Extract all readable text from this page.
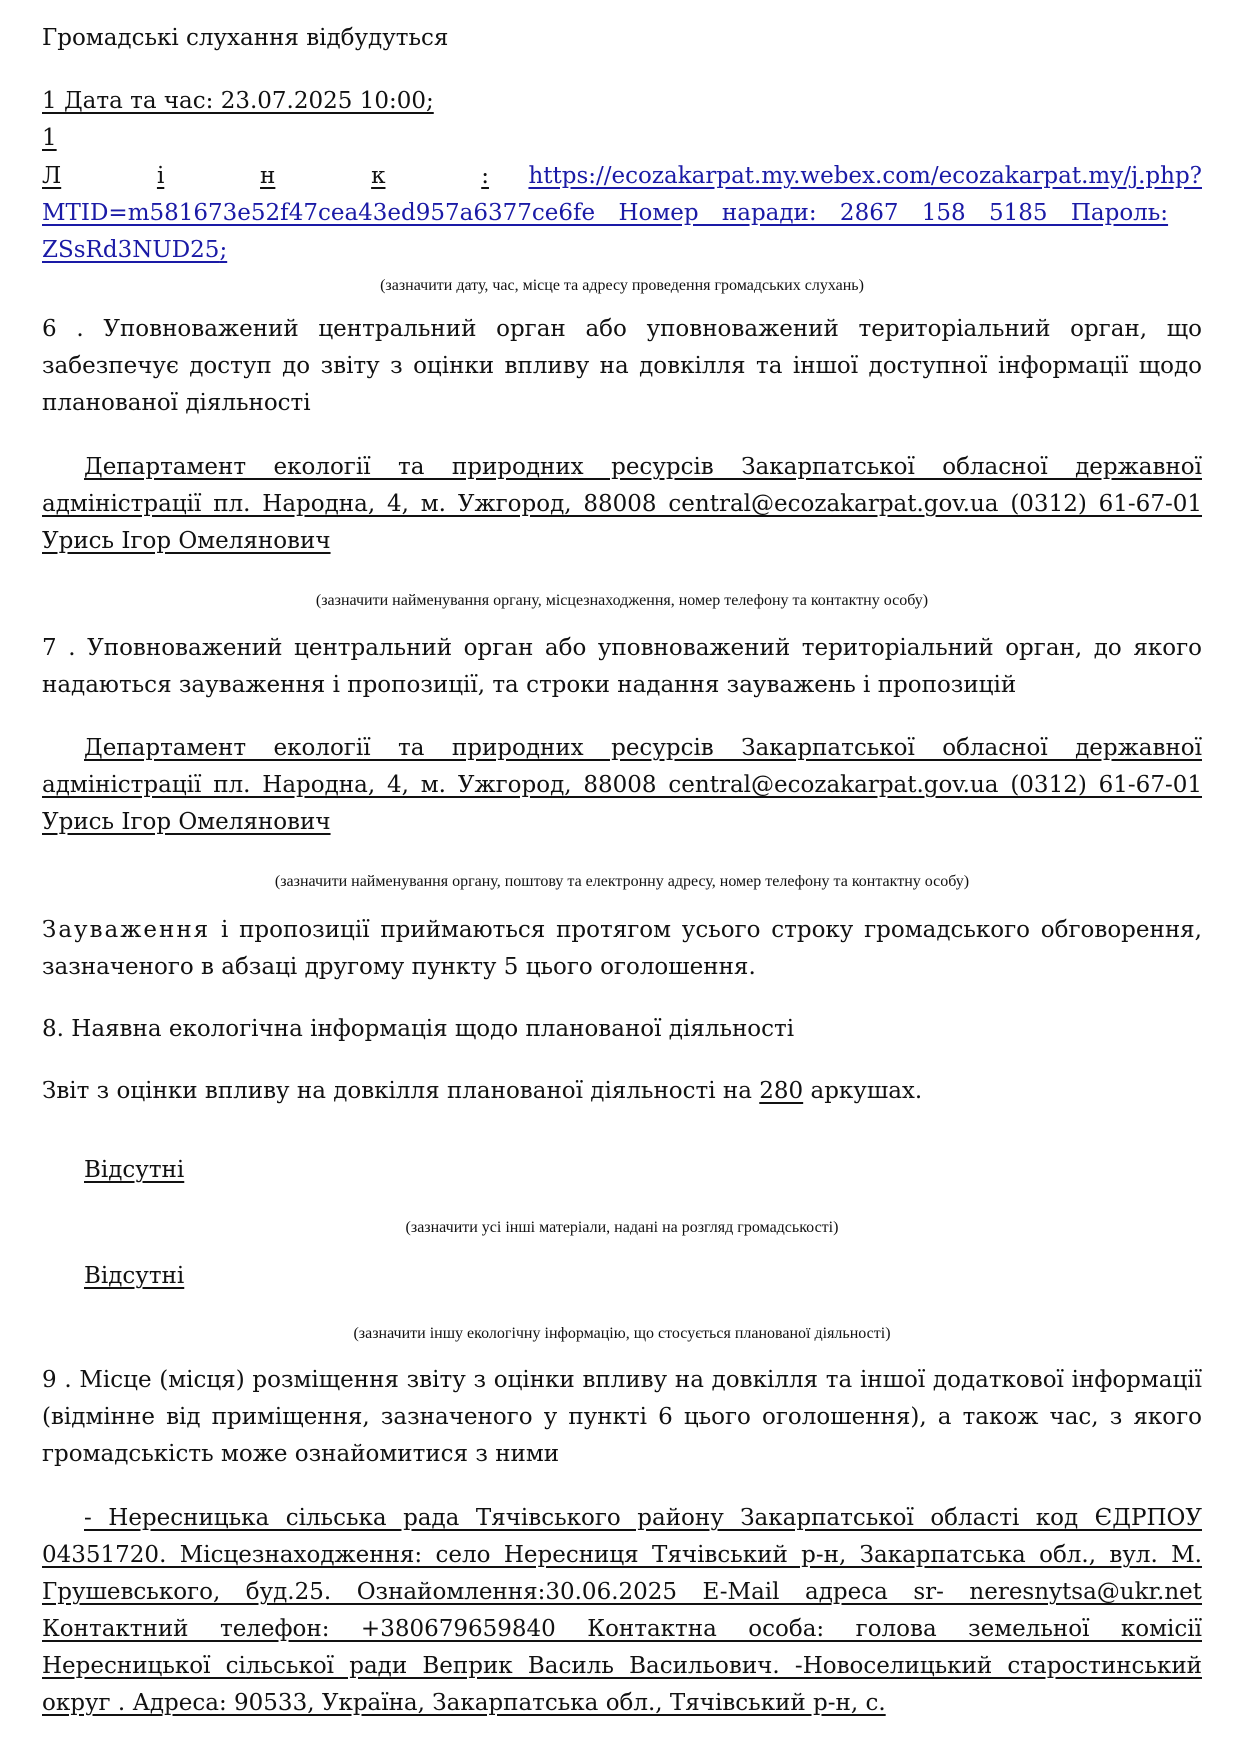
Громадські слухання відбудуться

1 Дата та час: 23.07.2025 10:00;

1

Л	і	н	к	: https://ecozakarpat.my.webex.com/ecozakarpat.my/j.php?

MTID=m581673e52f47cea43ed957a6377ce6fe Номер наради: 2867 158 5185 Пароль:

ZSsRd3NUD25;

(зазначити дату, час, місце та адресу проведення громадських слухань)

6 . Уповноважений центральний орган або уповноважений територіальний орган, що забезпечує доступ до звіту з оцінки впливу на довкілля та іншої доступної інформації щодо планованої діяльності

Департамент екології та природних ресурсів Закарпатської обласної державної адміністрації пл. Народна, 4, м. Ужгород, 88008 central@ecozakarpat.gov.ua (0312) 61-67-01 Урись Ігор Омелянович

(зазначити найменування органу, місцезнаходження, номер телефону та контактну особу)

7 . Уповноважений центральний орган або уповноважений територіальний орган, до якого надаються зауваження і пропозиції, та строки надання зауважень і пропозицій

Департамент екології та природних ресурсів Закарпатської обласної державної адміністрації пл. Народна, 4, м. Ужгород, 88008 central@ecozakarpat.gov.ua (0312) 61-67-01 Урись Ігор Омелянович

(зазначити найменування органу, поштову та електронну адресу, номер телефону та контактну особу)

Зауваження і пропозиції приймаються протягом усього строку громадського обговорення, зазначеного в абзаці другому пункту 5 цього оголошення.

8. Наявна екологічна інформація щодо планованої діяльності

Звіт з оцінки впливу на довкілля планованої діяльності на 280 аркушах.

Відсутні

(зазначити усі інші матеріали, надані на розгляд громадськості)

Відсутні

(зазначити іншу екологічну інформацію, що стосується планованої діяльності)

9 . Місце (місця) розміщення звіту з оцінки впливу на довкілля та іншої додаткової інформації (відмінне від приміщення, зазначеного у пункті 6 цього оголошення), а також час, з якого громадськість може ознайомитися з ними

- Нересницька сільська рада Тячівського району Закарпатської області код ЄДРПОУ 04351720. Місцезнаходження: село Нересниця Тячівський р-н, Закарпатська обл., вул. М. Грушевського, буд.25. Ознайомлення:30.06.2025 E-Mail адреса sr- neresnytsa@ukr.net Контактний телефон: +380679659840 Контактна особа: голова земельної комісії Нересницької сільської ради Веприк Василь Васильович. -Новоселицький старостинський округ . Адреса: 90533, Україна, Закарпатська обл., Тячівський р-н, с.
